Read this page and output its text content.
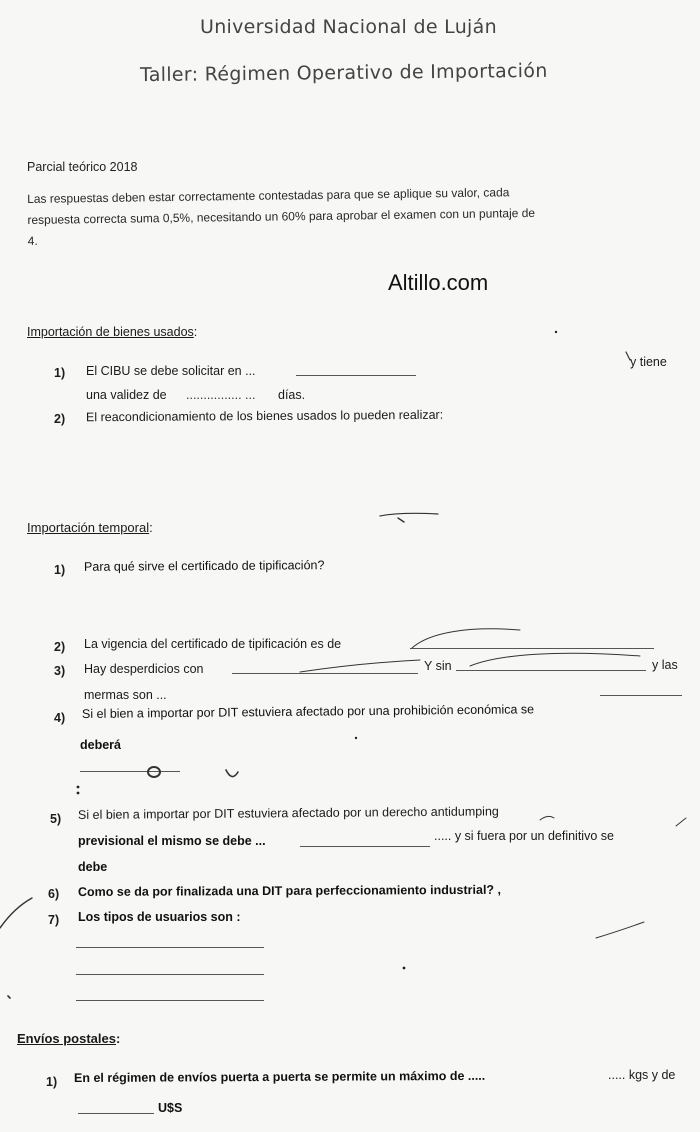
Universidad Nacional de Luján
Taller: Régimen Operativo de Importación
Parcial teórico 2018
Las respuestas deben estar correctamente contestadas para que se aplique su valor, cada
respuesta correcta suma 0,5%, necesitando un 60% para aprobar el examen con un puntaje de
4.
Altillo.com
Importación de bienes usados:
1) El CIBU se debe solicitar en ...
y tiene
una validez de ................ ... días.
2) El reacondicionamiento de los bienes usados lo pueden realizar:
Importación temporal:
1) Para qué sirve el certificado de tipificación?
2) La vigencia del certificado de tipificación es de
3) Hay desperdicios con	Y sin	y las
mermas son ...
4) Si el bien a importar por DIT estuviera afectado por una prohibición económica se
deberá
5) Si el bien a importar por DIT estuviera afectado por un derecho antidumping
previsional el mismo se debe ...	..... y si fuera por un definitivo se
debe
6) Como se da por finalizada una DIT para perfeccionamiento industrial? ,
7) Los tipos de usuarios son :
Envíos postales:
1) En el régimen de envíos puerta a puerta se permite un máximo de .....	..... kgs y de
U$S
